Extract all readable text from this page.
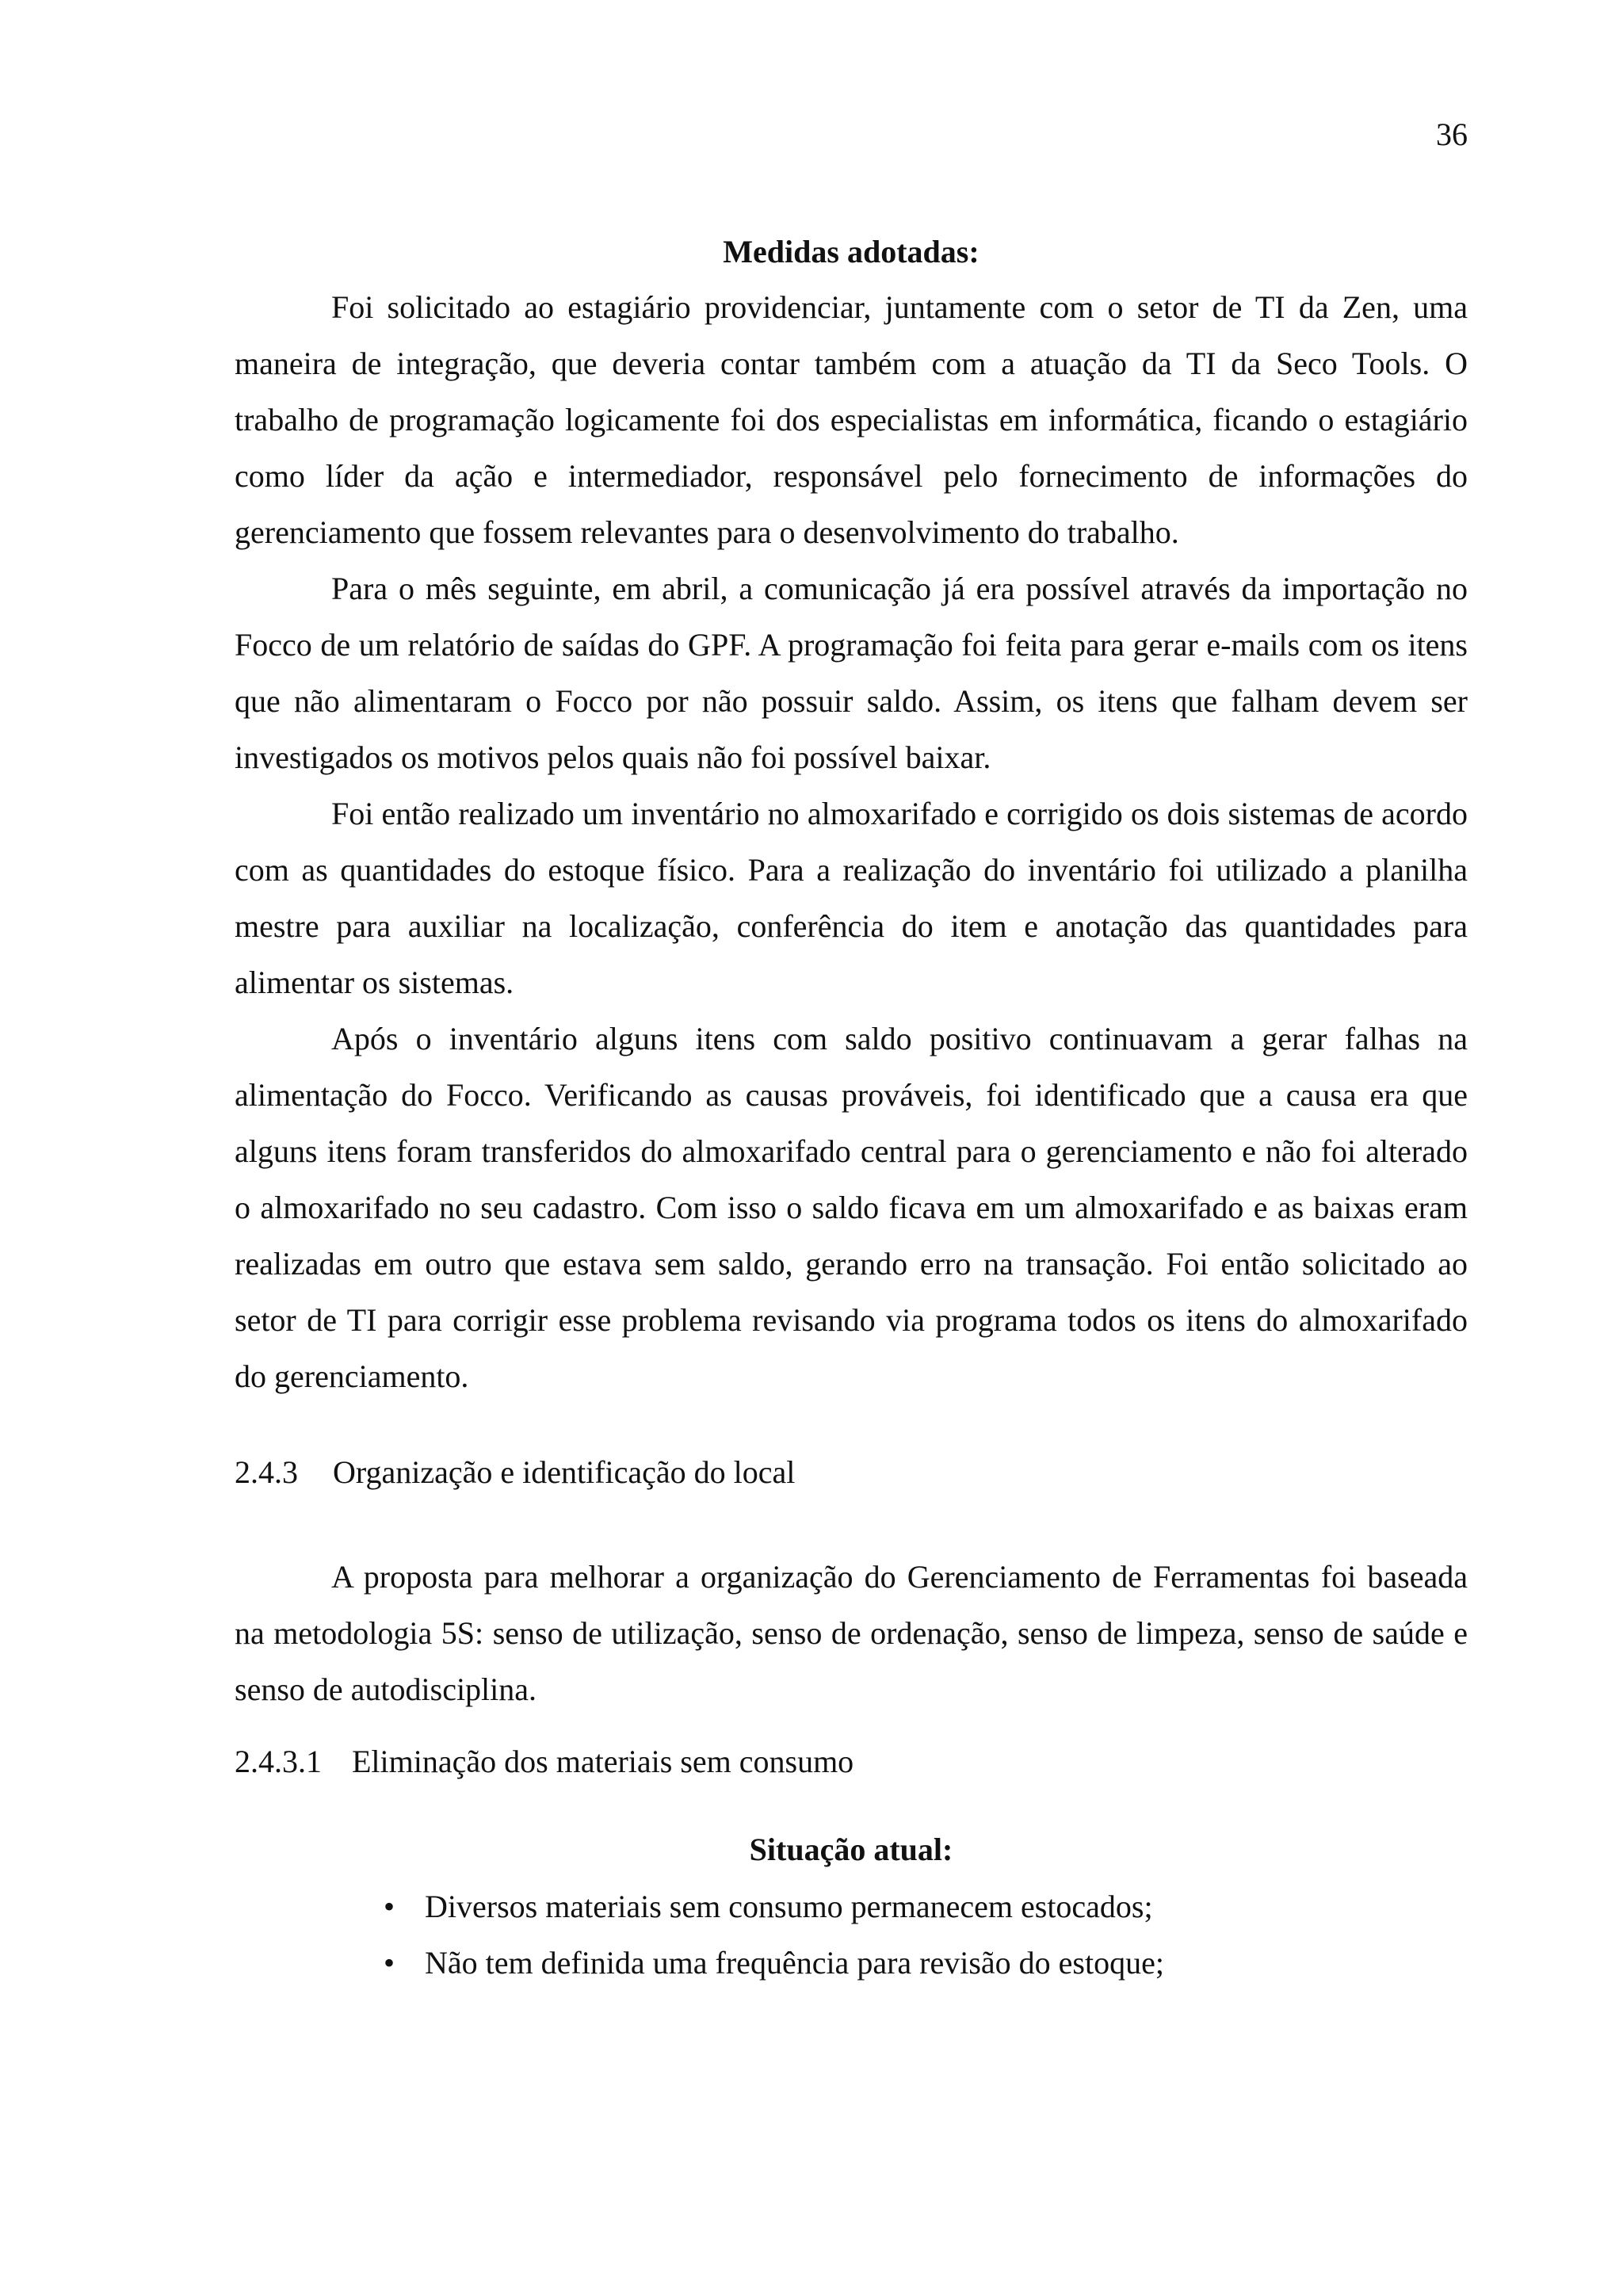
36
Medidas adotadas:

Foi solicitado ao estagiário providenciar, juntamente com o setor de TI da Zen, uma maneira de integração, que deveria contar também com a atuação da TI da Seco Tools. O trabalho de programação logicamente foi dos especialistas em informática, ficando o estagiário como líder da ação e intermediador, responsável pelo fornecimento de informações do gerenciamento que fossem relevantes para o desenvolvimento do trabalho.

Para o mês seguinte, em abril, a comunicação já era possível através da importação no Focco de um relatório de saídas do GPF. A programação foi feita para gerar e-mails com os itens que não alimentaram o Focco por não possuir saldo. Assim, os itens que falham devem ser investigados os motivos pelos quais não foi possível baixar.

Foi então realizado um inventário no almoxarifado e corrigido os dois sistemas de acordo com as quantidades do estoque físico. Para a realização do inventário foi utilizado a planilha mestre para auxiliar na localização, conferência do item e anotação das quantidades para alimentar os sistemas.

Após o inventário alguns itens com saldo positivo continuavam a gerar falhas na alimentação do Focco. Verificando as causas prováveis, foi identificado que a causa era que alguns itens foram transferidos do almoxarifado central para o gerenciamento e não foi alterado o almoxarifado no seu cadastro. Com isso o saldo ficava em um almoxarifado e as baixas eram realizadas em outro que estava sem saldo, gerando erro na transação. Foi então solicitado ao setor de TI para corrigir esse problema revisando via programa todos os itens do almoxarifado do gerenciamento.

2.4.3 Organização e identificação do local

A proposta para melhorar a organização do Gerenciamento de Ferramentas foi baseada na metodologia 5S: senso de utilização, senso de ordenação, senso de limpeza, senso de saúde e senso de autodisciplina.

2.4.3.1 Eliminação dos materiais sem consumo
Situação atual:
• Diversos materiais sem consumo permanecem estocados;
• Não tem definida uma frequência para revisão do estoque;
